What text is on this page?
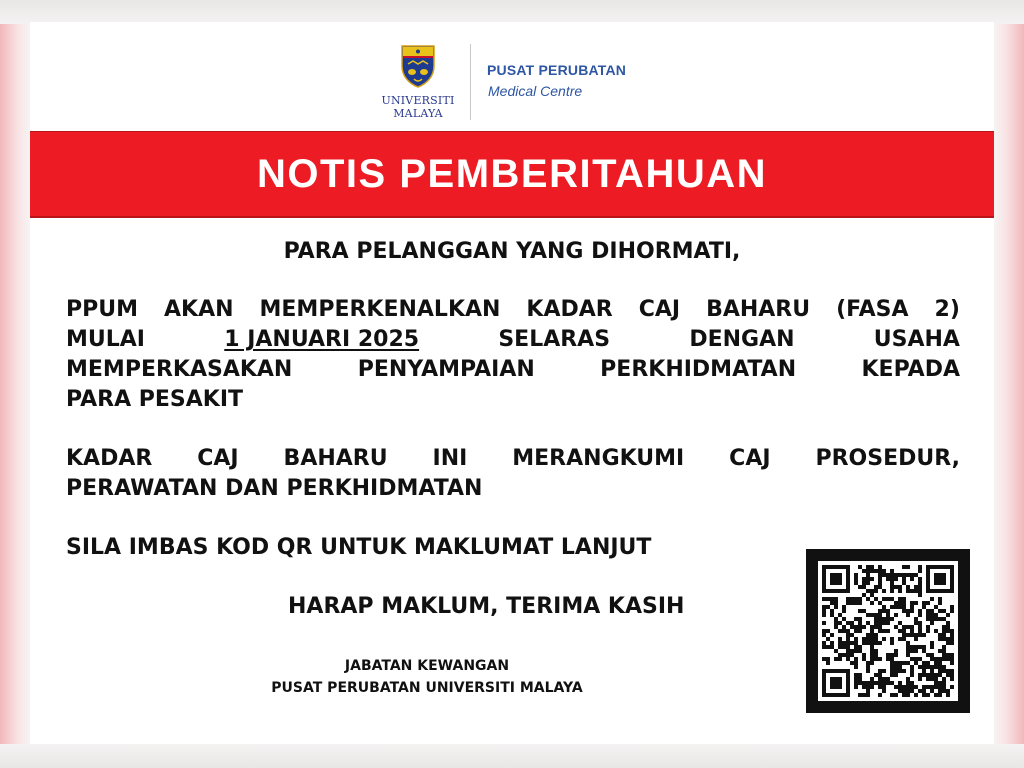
UNIVERSITI
MALAYA
PUSAT PERUBATAN
Medical Centre
NOTIS PEMBERITAHUAN
PARA PELANGGAN YANG DIHORMATI,
PPUM AKAN MEMPERKENALKAN KADAR CAJ BAHARU (FASA 2)
MULAI	1 JANUARI 2025	SELARAS	DENGAN	USAHA
MEMPERKASAKAN	PENYAMPAIAN	PERKHIDMATAN	KEPADA
PARA PESAKIT
KADAR CAJ BAHARU INI MERANGKUMI CAJ PROSEDUR,
PERAWATAN DAN PERKHIDMATAN
SILA IMBAS KOD QR UNTUK MAKLUMAT LANJUT
HARAP MAKLUM, TERIMA KASIH
JABATAN KEWANGAN
PUSAT PERUBATAN UNIVERSITI MALAYA
